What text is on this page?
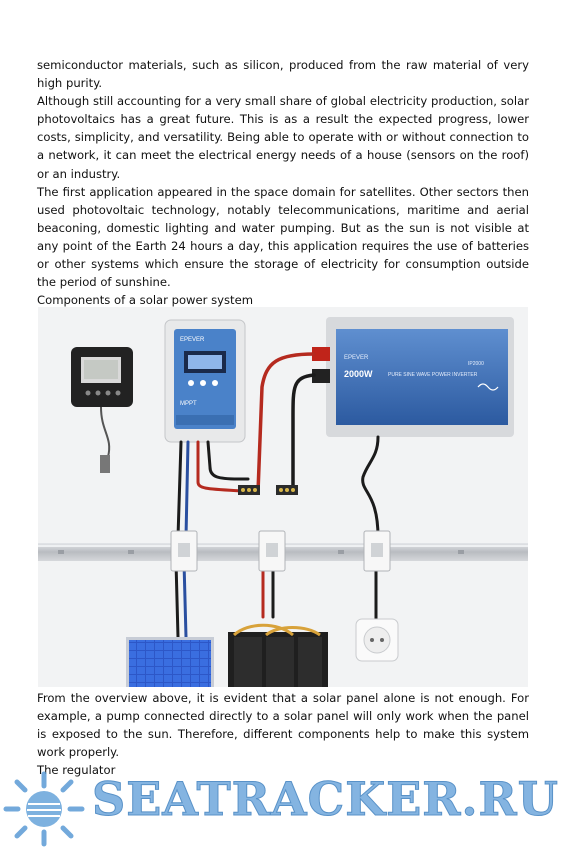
semiconductor materials, such as silicon, produced from the raw material of very high purity.

Although still accounting for a very small share of global electricity production, solar photovoltaics has a great future. This is as a result the expected progress, lower costs, simplicity, and versatility. Being able to operate with or without connection to a network, it can meet the electrical energy needs of a house (sensors on the roof) or an industry.

The first application appeared in the space domain for satellites. Other sectors then used photovoltaic technology, notably telecommunications, maritime and aerial beaconing, domestic lighting and water pumping. But as the sun is not visible at any point of the Earth 24 hours a day, this application requires the use of batteries or other systems which ensure the storage of electricity for consumption outside the period of sunshine.

Components of a solar power system

EPEVER
MPPT
EPEVER
2000W	PURE SINE WAVE POWER INVERTER
IP2000

From the overview above, it is evident that a solar panel alone is not enough. For example, a pump connected directly to a solar panel will only work when the panel is exposed to the sun. Therefore, different components help to make this system work properly.

The regulator

SEATRACKER.RU
